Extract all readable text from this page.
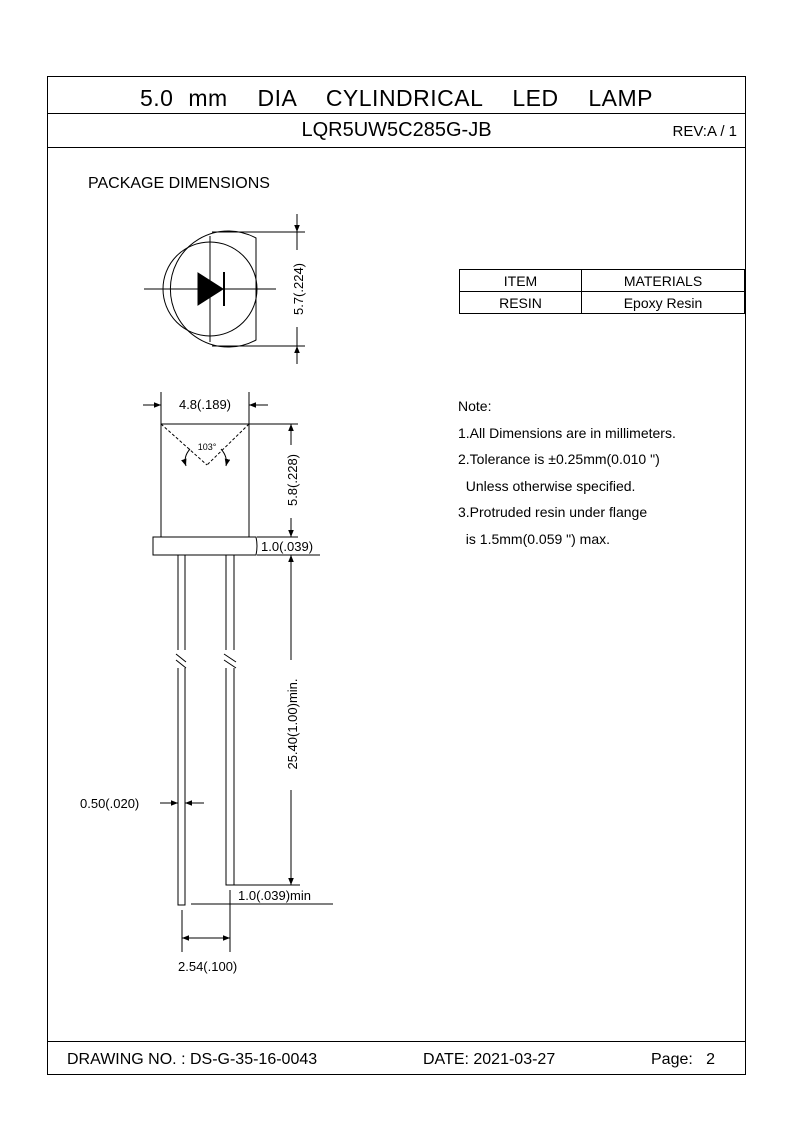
5.0 mm  DIA  CYLINDRICAL  LED  LAMP
LQR5UW5C285G-JB	REV:A / 1
PACKAGE DIMENSIONS
ITEM	MATERIALS
RESIN	Epoxy Resin
Note:
1.All Dimensions are in millimeters.
2.Tolerance is ±0.25mm(0.010 ")
Unless otherwise specified.
3.Protruded resin under flange
is 1.5mm(0.059 ") max.
DRAWING NO. : DS-G-35-16-0043	DATE: 2021-03-27	Page:   2
5.7(.224)
4.8(.189)
103°
5.8(.228)
1.0(.039)
25.40(1.00)min.
0.50(.020)
1.0(.039)min
2.54(.100)
